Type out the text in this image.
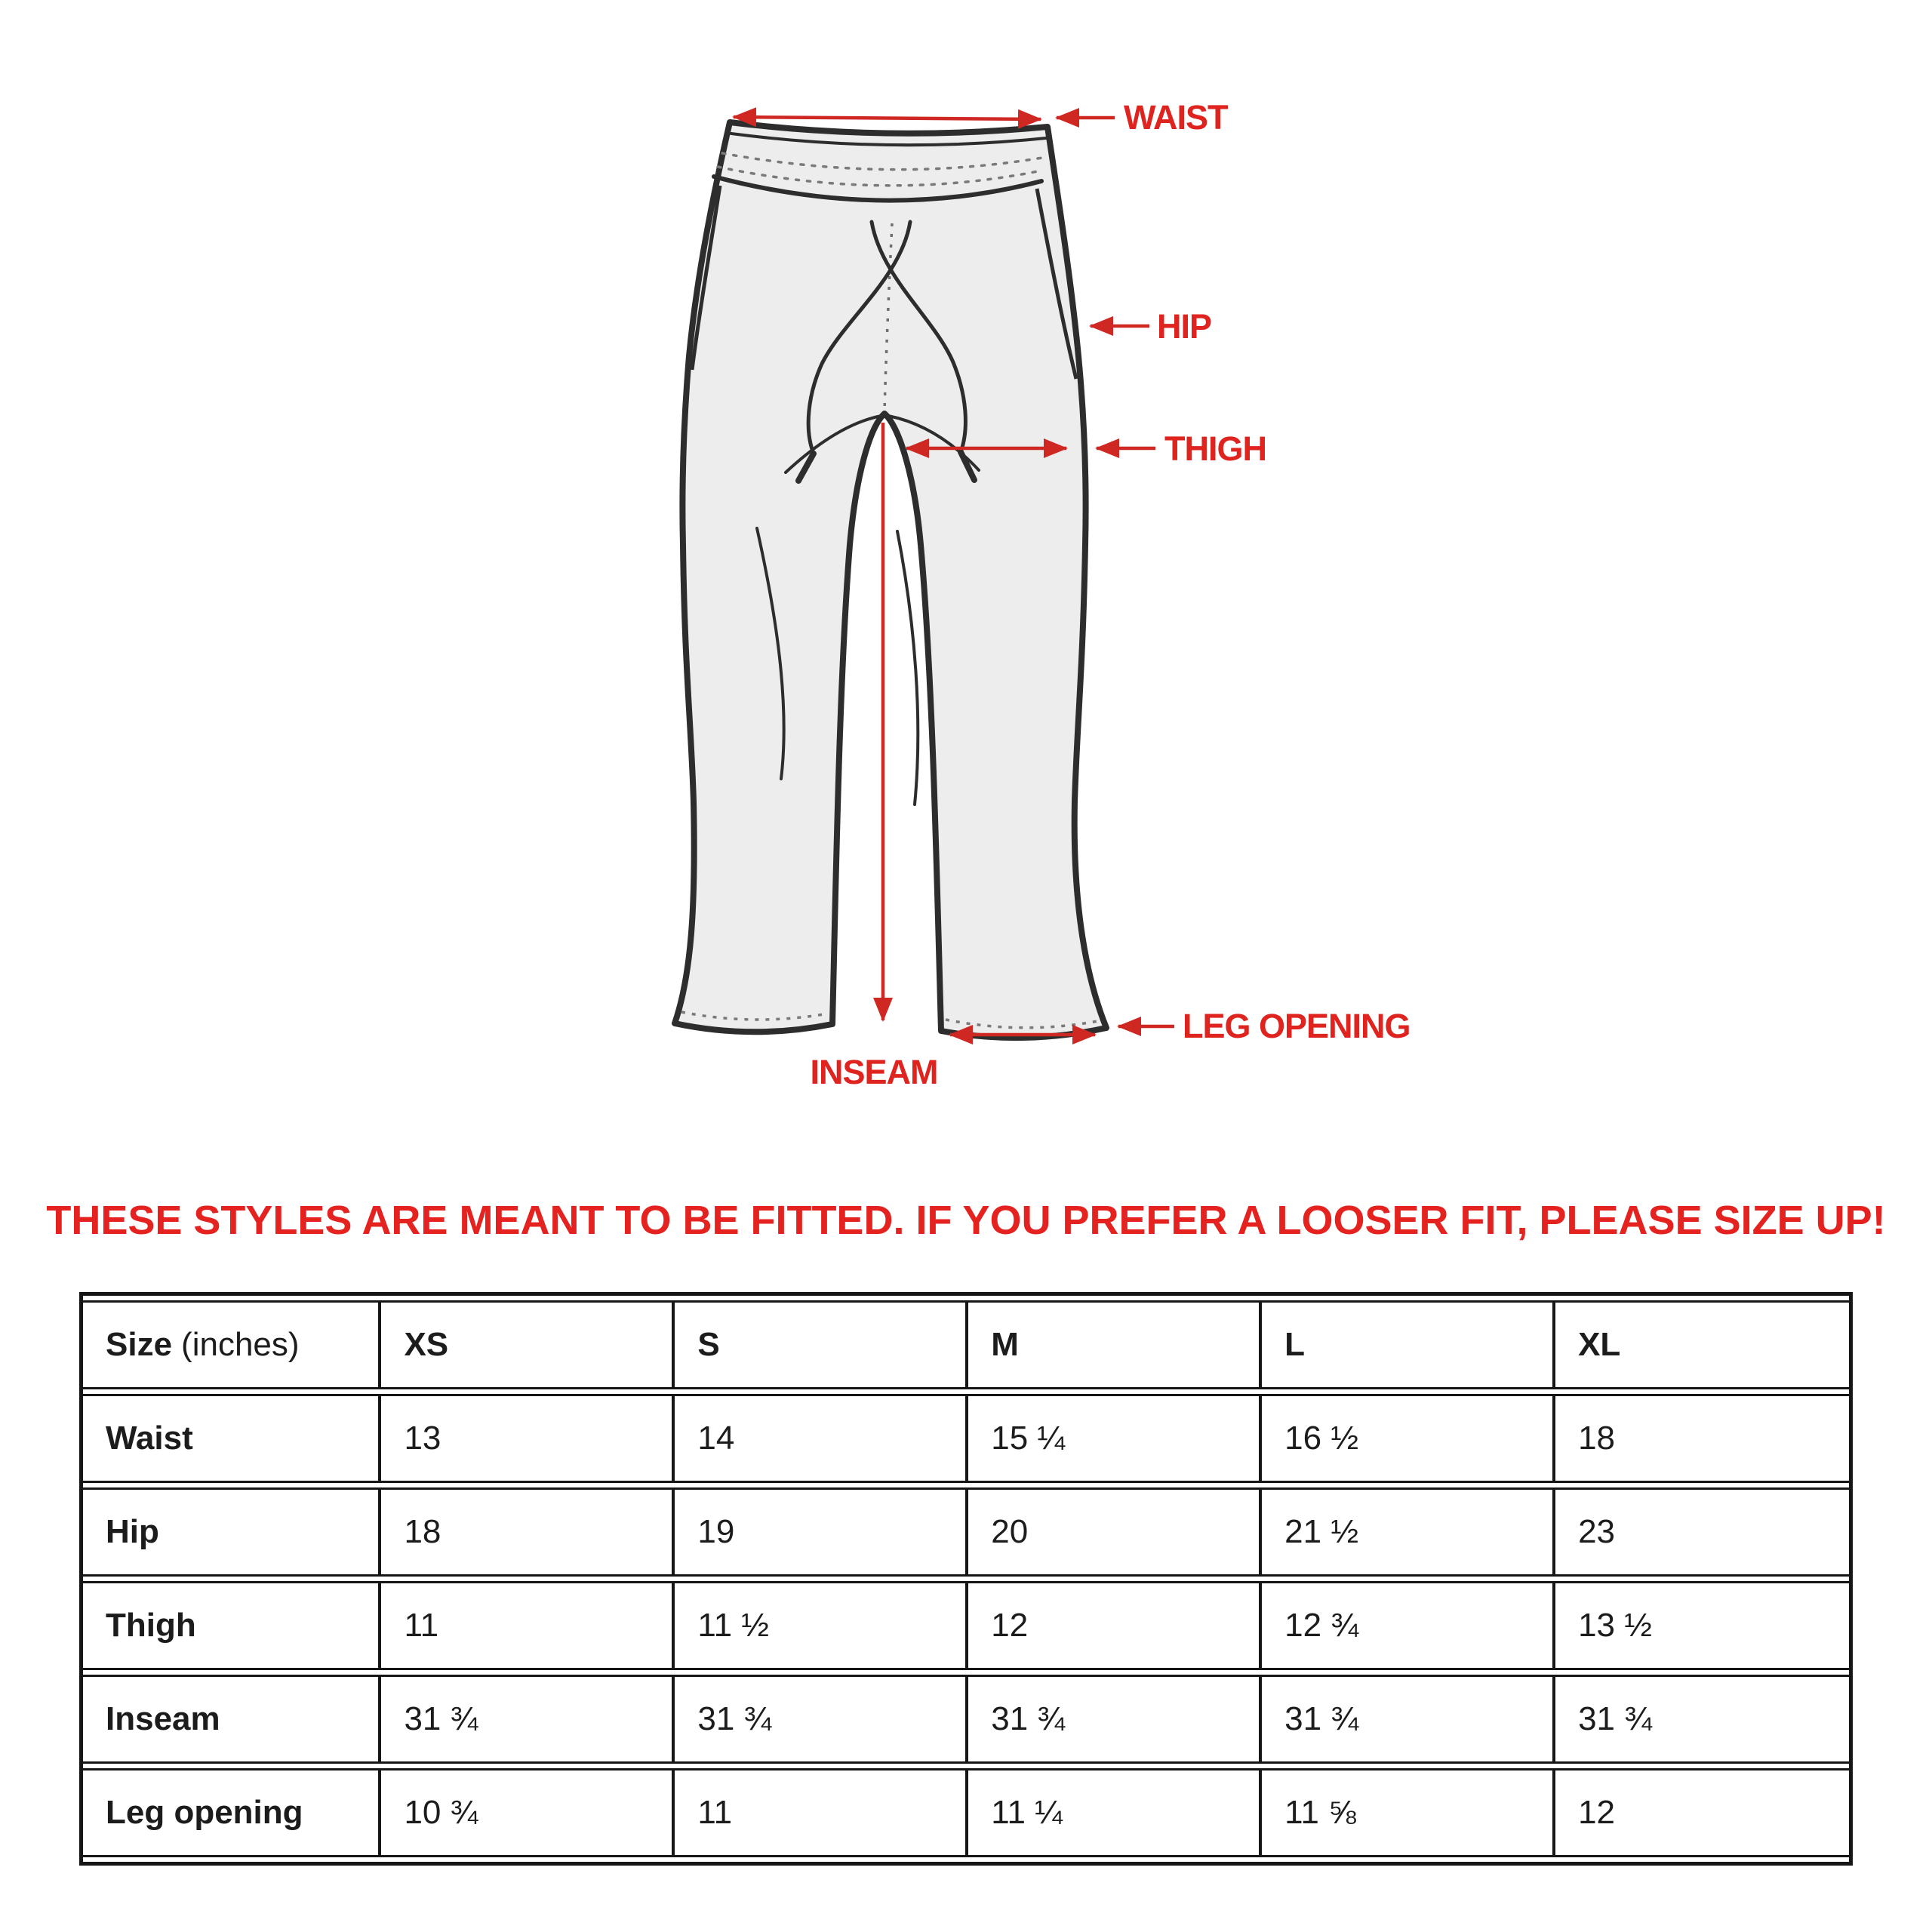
WAIST
HIP
THIGH
LEG OPENING
INSEAM
THESE STYLES ARE MEANT TO BE FITTED. IF YOU PREFER A LOOSER FIT, PLEASE SIZE UP!
Size (inches)	XS	S	M	L	XL
Waist	13	14	15 ¼	16 ½	18
Hip	18	19	20	21 ½	23
Thigh	11	11 ½	12	12 ¾	13 ½
Inseam	31 ¾	31 ¾	31 ¾	31 ¾	31 ¾
Leg opening	10 ¾	11	11 ¼	11 ⅝	12
